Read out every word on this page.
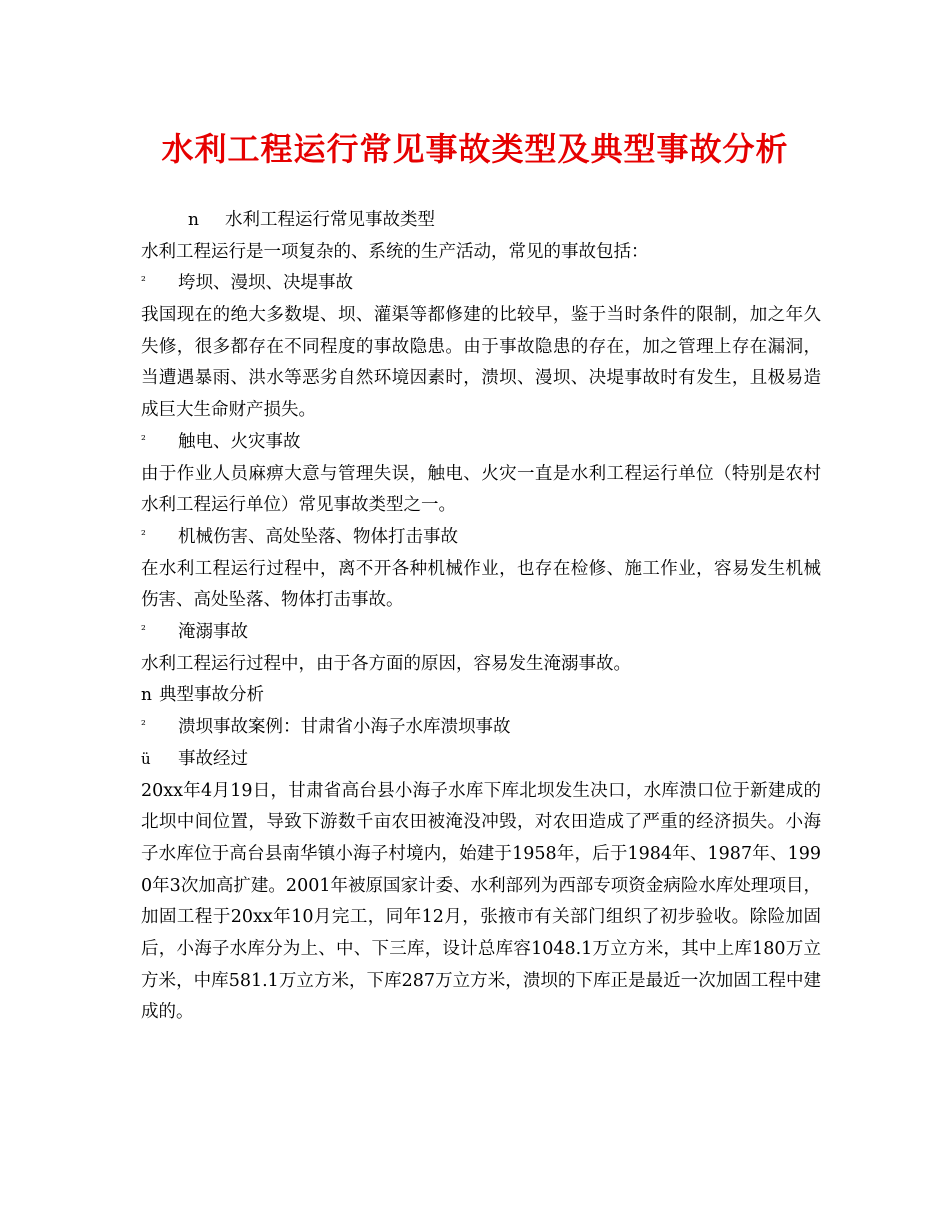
水利工程运行常见事故类型及典型事故分析
n	水利工程运行常见事故类型
水利工程运行是一项复杂的、系统的生产活动，常见的事故包括：
²	垮坝、漫坝、决堤事故

我国现在的绝大多数堤、坝、灌渠等都修建的比较早，鉴于当时条件的限制，加之年久失修，很多都存在不同程度的事故隐患。由于事故隐患的存在，加之管理上存在漏洞，当遭遇暴雨、洪水等恶劣自然环境因素时，溃坝、漫坝、决堤事故时有发生，且极易造成巨大生命财产损失。

²	触电、火灾事故

由于作业人员麻痹大意与管理失误，触电、火灾一直是水利工程运行单位（特别是农村水利工程运行单位）常见事故类型之一。

²	机械伤害、高处坠落、物体打击事故

在水利工程运行过程中，离不开各种机械作业，也存在检修、施工作业，容易发生机械伤害、高处坠落、物体打击事故。

²	淹溺事故

水利工程运行过程中，由于各方面的原因，容易发生淹溺事故。

n 典型事故分析
²	溃坝事故案例：甘肃省小海子水库溃坝事故
ü	事故经过

20xx年4月19日，甘肃省高台县小海子水库下库北坝发生决口，水库溃口位于新建成的北坝中间位置，导致下游数千亩农田被淹没冲毁，对农田造成了严重的经济损失。小海子水库位于高台县南华镇小海子村境内，始建于1958年，后于1984年、1987年、1990年3次加高扩建。2001年被原国家计委、水利部列为西部专项资金病险水库处理项目，加固工程于20xx年10月完工，同年12月，张掖市有关部门组织了初步验收。除险加固后，小海子水库分为上、中、下三库，设计总库容1048.1万立方米，其中上库180万立方米，中库581.1万立方米，下库287万立方米，溃坝的下库正是最近一次加固工程中建成的。
